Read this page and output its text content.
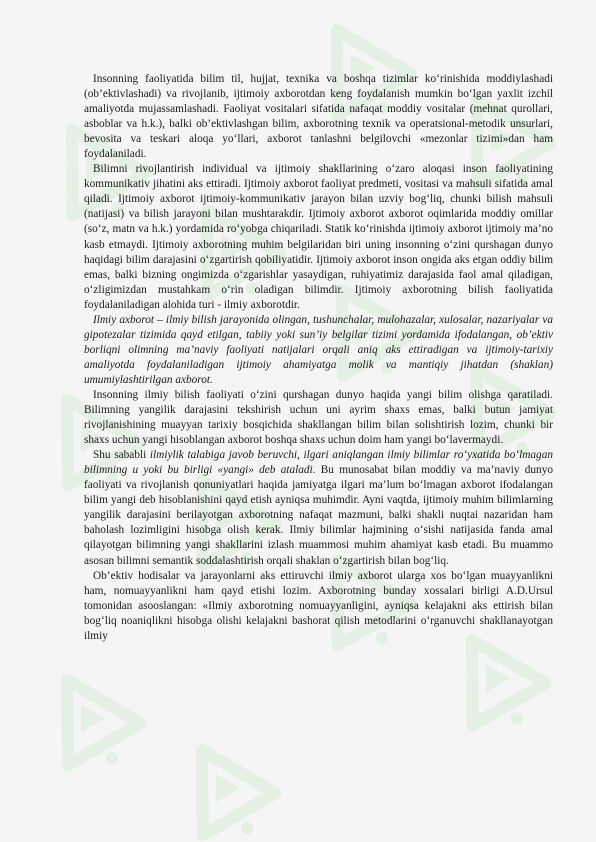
Insonning faoliyatida bilim til, hujjat, texnika va boshqa tizimlar ko‘rinishida moddiylashadi (ob’ektivlashadi) va rivojlanib, ijtimoiy axborotdan keng foydalanish mumkin bo‘lgan yaxlit izchil amaliyotda mujassamlashadi. Faoliyat vositalari sifatida nafaqat moddiy vositalar (mehnat qurollari, asboblar va h.k.), balki ob’ektivlashgan bilim, axborotning texnik va operatsional-metodik unsurlari, bevosita va teskari aloqa yo‘llari, axborot tanlashni belgilovchi «mezonlar tizimi»dan ham foydalaniladi.

Bilimni rivojlantirish individual va ijtimoiy shakllarining o‘zaro aloqasi inson faoliyatining kommunikativ jihatini aks ettiradi. Ijtimoiy axborot faoliyat predmeti, vositasi va mahsuli sifatida amal qiladi. Ijtimoiy axborot ijtimoiy-kommunikativ jarayon bilan uzviy bog‘liq, chunki bilish mahsuli (natijasi) va bilish jarayoni bilan mushtarakdir. Ijtimoiy axborot axborot oqimlarida moddiy omillar (so‘z, matn va h.k.) yordamida ro‘yobga chiqariladi. Statik ko‘rinishda ijtimoiy axborot ijtimoiy ma’no kasb etmaydi. Ijtimoiy axborotning muhim belgilaridan biri uning insonning o‘zini qurshagan dunyo haqidagi bilim darajasini o‘zgartirish qobiliyatidir. Ijtimoiy axborot inson ongida aks etgan oddiy bilim emas, balki bizning ongimizda o‘zgarishlar yasaydigan, ruhiyatimiz darajasida faol amal qiladigan, o‘zligimizdan mustahkam o‘rin oladigan bilimdir. Ijtimoiy axborotning bilish faoliyatida foydalaniladigan alohida turi - ilmiy axborotdir.

Ilmiy axborot – ilmiy bilish jarayonida olingan, tushunchalar, mulohazalar, xulosalar, nazariyalar va gipotezalar tizimida qayd etilgan, tabiiy yoki sun’iy belgilar tizimi yordamida ifodalangan, ob’ektiv borliqni olimning ma’naviy faoliyati natijalari orqali aniq aks ettiradigan va ijtimoiy-tarixiy amaliyotda foydalaniladigan ijtimoiy ahamiyatga molik va mantiqiy jihatdan (shaklan) umumiylashtirilgan axborot.

Insonning ilmiy bilish faoliyati o‘zini qurshagan dunyo haqida yangi bilim olishga qaratiladi. Bilimning yangilik darajasini tekshirish uchun uni ayrim shaxs emas, balki butun jamiyat rivojlanishining muayyan tarixiy bosqichida shakllangan bilim bilan solishtirish lozim, chunki bir shaxs uchun yangi hisoblangan axborot boshqa shaxs uchun doim ham yangi bo‘lavermaydi.

Shu sababli ilmiylik talabiga javob beruvchi, ilgari aniqlangan ilmiy bilimlar ro‘yxatida bo‘lmagan bilimning u yoki bu birligi «yangi» deb ataladi. Bu munosabat bilan moddiy va ma’naviy dunyo faoliyati va rivojlanish qonuniyatlari haqida jamiyatga ilgari ma’lum bo‘lmagan axborot ifodalangan bilim yangi deb hisoblanishini qayd etish ayniqsa muhimdir. Ayni vaqtda, ijtimoiy muhim bilimlarning yangilik darajasini berilayotgan axborotning nafaqat mazmuni, balki shakli nuqtai nazaridan ham baholash lozimligini hisobga olish kerak. Ilmiy bilimlar hajmining o‘sishi natijasida fanda amal qilayotgan bilimning yangi shakllarini izlash muammosi muhim ahamiyat kasb etadi. Bu muammo asosan bilimni semantik soddalashtirish orqali shaklan o‘zgartirish bilan bog‘liq.

Ob’ektiv hodisalar va jarayonlarni aks ettiruvchi ilmiy axborot ularga xos bo‘lgan muayyanlikni ham, nomuayyanlikni ham qayd etishi lozim. Axborotning bunday xossalari birligi A.D.Ursul tomonidan asooslangan: «Ilmiy axborotning nomuayyanligini, ayniqsa kelajakni aks ettirish bilan bog‘liq noaniqlikni hisobga olishi kelajakni bashorat qilish metodlarini o‘rganuvchi shakllanayotgan ilmiy
